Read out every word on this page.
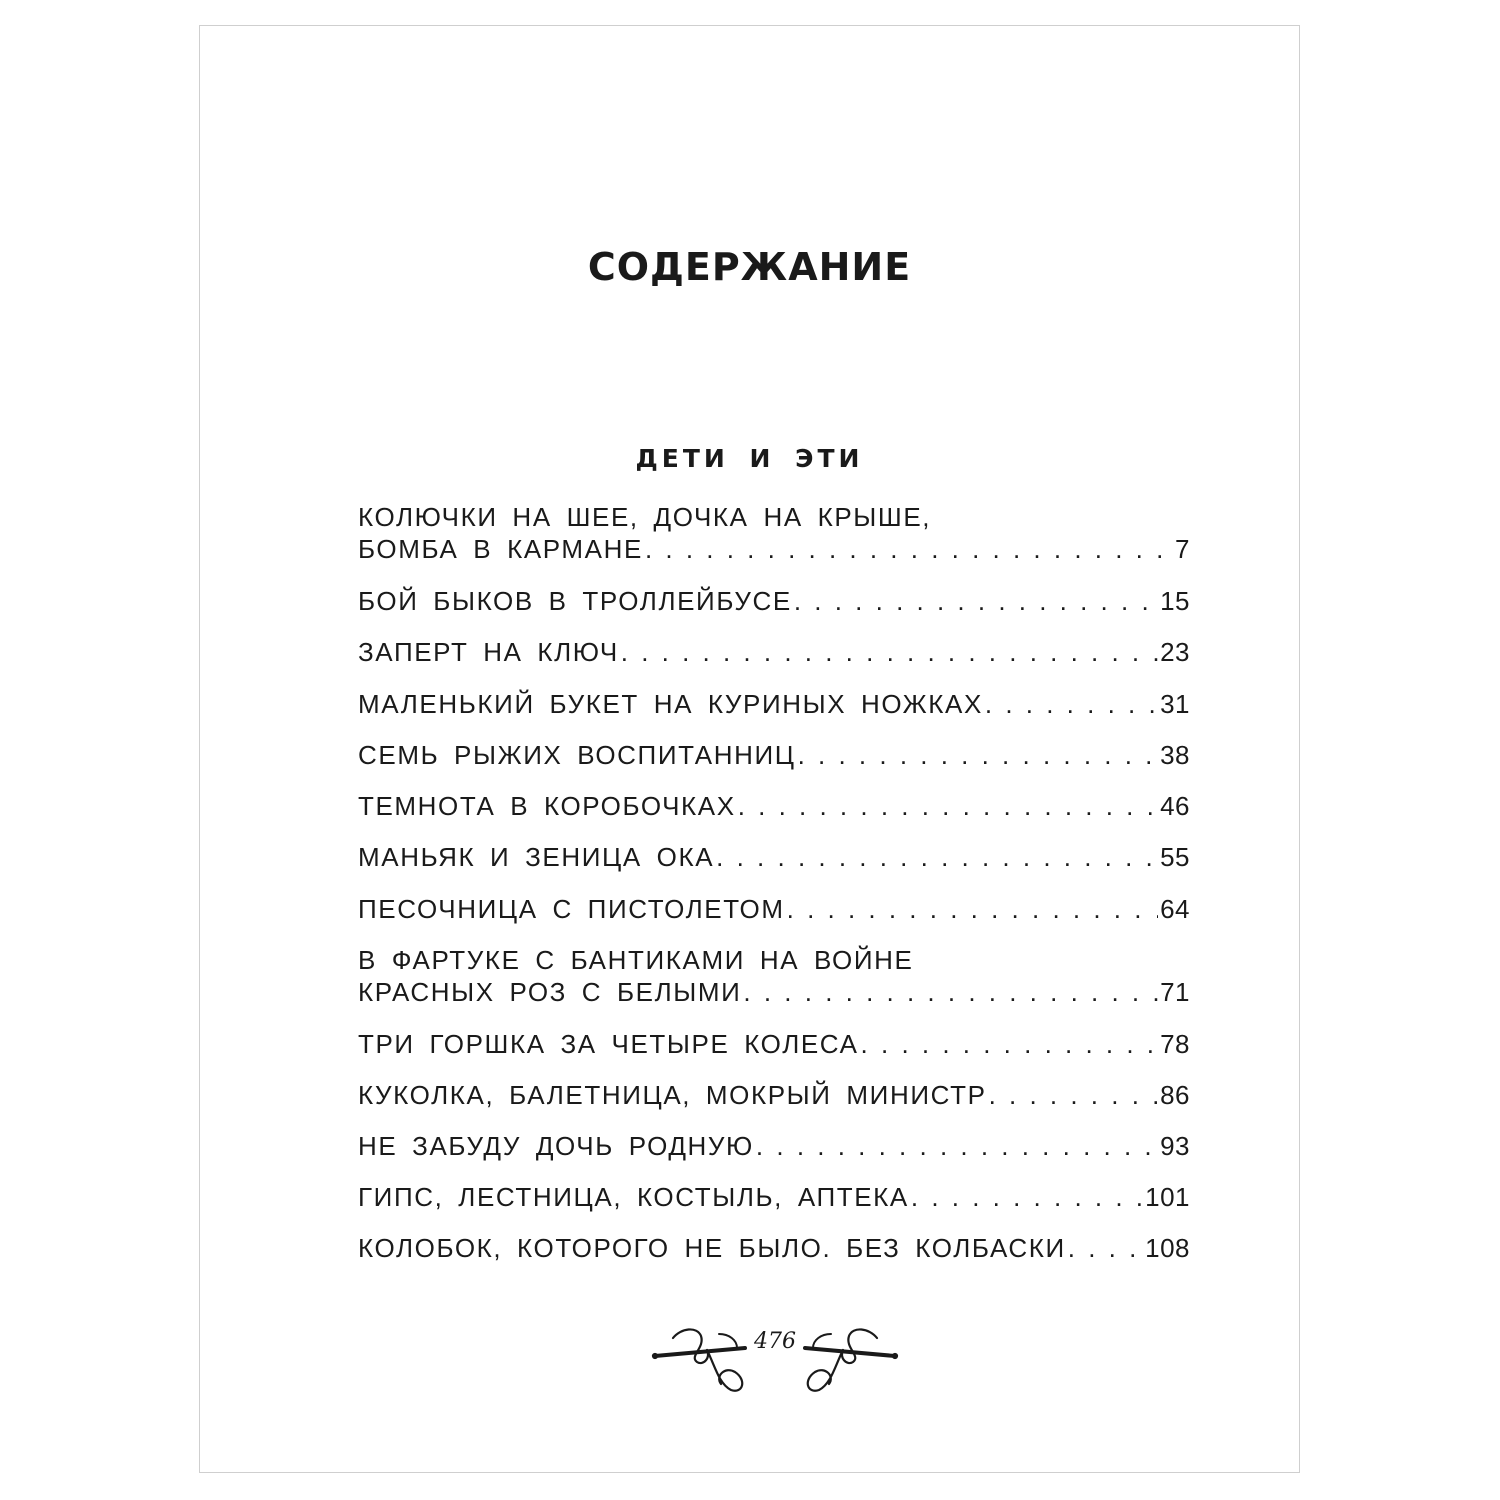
СОДЕРЖАНИЕ
ДЕТИ И ЭТИ
КОЛЮЧКИ НА ШЕЕ, ДОЧКА НА КРЫШЕ,
БОМБА В КАРМАНЕ . . .	7
БОЙ БЫКОВ В ТРОЛЛЕЙБУСЕ . . .	15
ЗАПЕРТ НА КЛЮЧ . . .	23
МАЛЕНЬКИЙ БУКЕТ НА КУРИНЫХ НОЖКАХ . . .	31
СЕМЬ РЫЖИХ ВОСПИТАННИЦ . . .	38
ТЕМНОТА В КОРОБОЧКАХ . . .	46
МАНЬЯК И ЗЕНИЦА ОКА . . .	55
ПЕСОЧНИЦА С ПИСТОЛЕТОМ . . .	64
В ФАРТУКЕ С БАНТИКАМИ НА ВОЙНЕ
КРАСНЫХ РОЗ С БЕЛЫМИ . . .	71
ТРИ ГОРШКА ЗА ЧЕТЫРЕ КОЛЕСА . . .	78
КУКОЛКА, БАЛЕТНИЦА, МОКРЫЙ МИНИСТР . . .	86
НЕ ЗАБУДУ ДОЧЬ РОДНУЮ . . .	93
ГИПС, ЛЕСТНИЦА, КОСТЫЛЬ, АПТЕКА . . .	101
КОЛОБОК, КОТОРОГО НЕ БЫЛО. БЕЗ КОЛБАСКИ . . .	108
476
